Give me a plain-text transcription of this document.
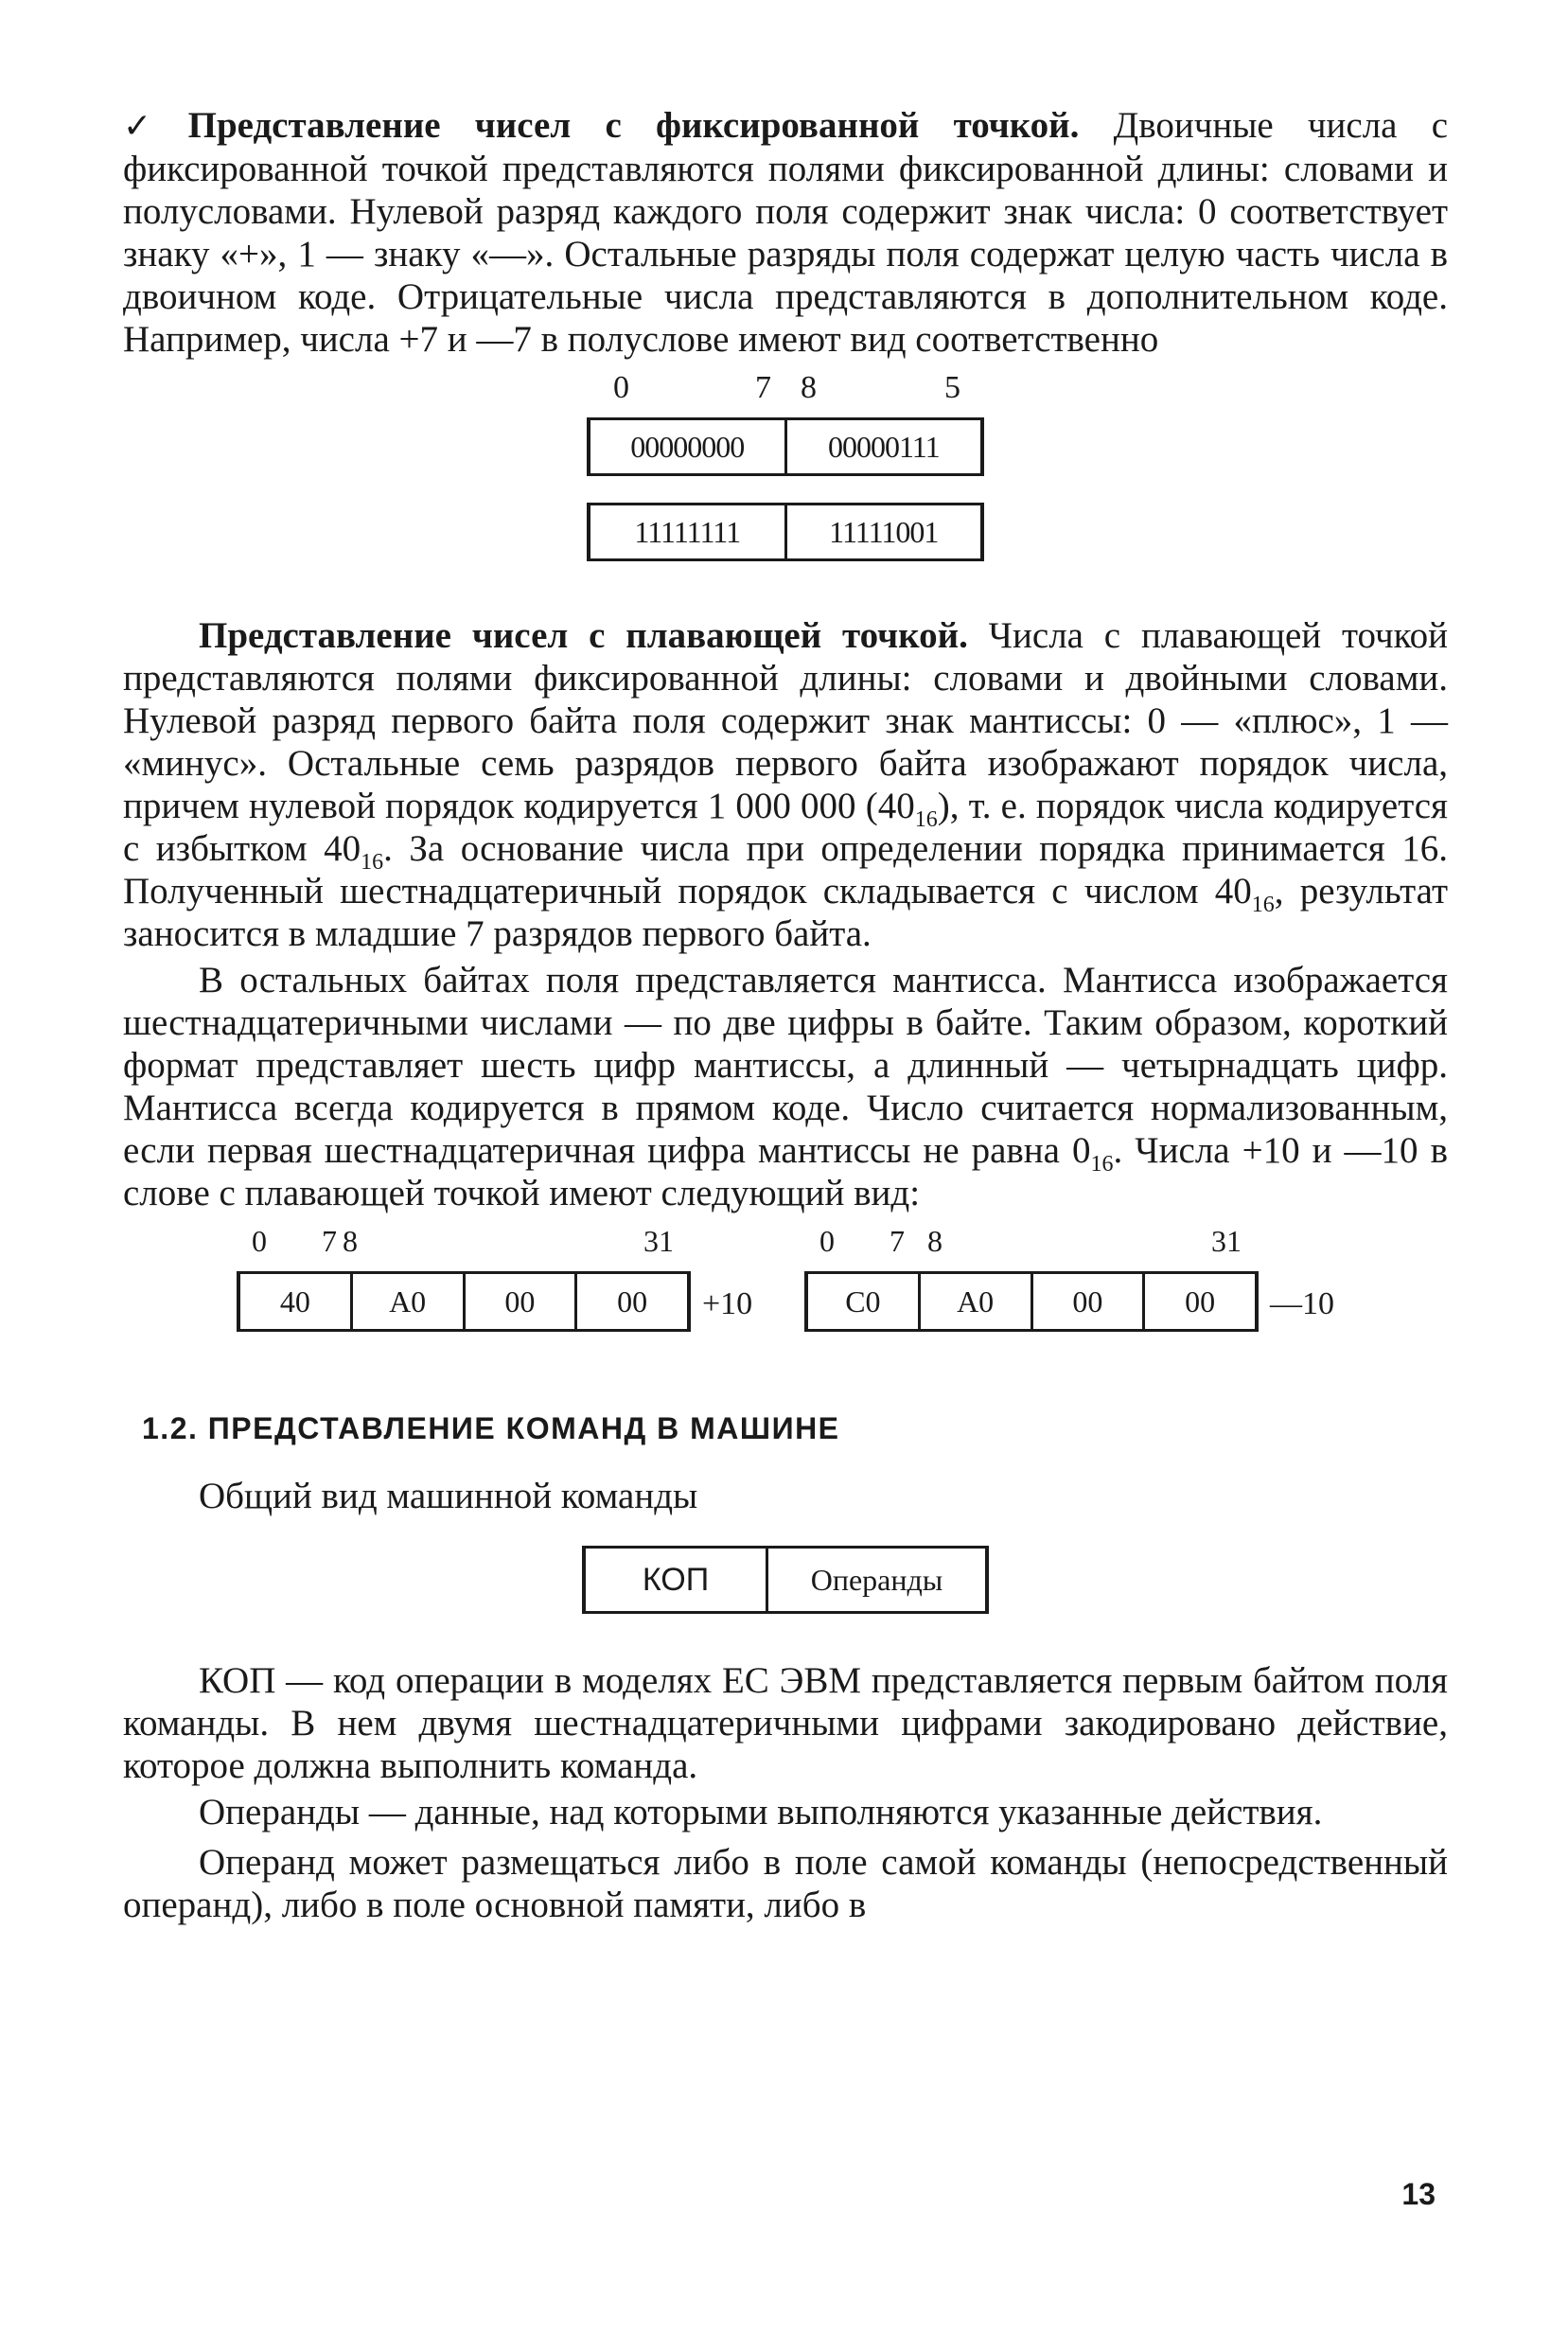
✓ Представление чисел с фиксированной точкой. Двоичные числа с фиксированной точкой представляются полями фиксированной длины: словами и полусловами. Нулевой разряд каждого поля содержит знак числа: 0 соответствует знаку «+», 1 — знаку «—». Остальные разряды поля содержат целую часть числа в двоичном коде. Отрицательные числа представляются в дополнительном коде. Например, числа +7 и —7 в полуслове имеют вид соответственно

0	7 8	5
00000000	00000111
11111111	11111001

Представление чисел с плавающей точкой. Числа с плавающей точкой представляются полями фиксированной длины: словами и двойными словами. Нулевой разряд первого байта поля содержит знак мантиссы: 0 — «плюс», 1 — «минус». Остальные семь разрядов первого байта изображают порядок числа, причем нулевой порядок кодируется 1 000 000 $(40_{16})$, т. е. порядок числа кодируется с избытком $40_{16}$. За основание числа при определении порядка принимается 16. Полученный шестнадцатеричный порядок складывается с числом $40_{16}$, результат заносится в младшие 7 разрядов первого байта.

В остальных байтах поля представляется мантисса. Мантисса изображается шестнадцатеричными числами — по две цифры в байте. Таким образом, короткий формат представляет шесть цифр мантиссы, а длинный — четырнадцать цифр. Мантисса всегда кодируется в прямом коде. Число считается нормализованным, если первая шестнадцатеричная цифра мантиссы не равна $0_{16}$. Числа +10 и —10 в слове с плавающей точкой имеют следующий вид:

0 7 8	31
40	A0	00	00	+10
0 7 8	31
C0	A0	00	00	—10
1.2. ПРЕДСТАВЛЕНИЕ КОМАНД В МАШИНЕ
Общий вид машинной команды
КОП	Операнды

КОП — код операции в моделях ЕС ЭВМ представляется первым байтом поля команды. В нем двумя шестнадцатеричными цифрами закодировано действие, которое должна выполнить команда.

Операнды — данные, над которыми выполняются указанные действия.

Операнд может размещаться либо в поле самой команды (непосредственный операнд), либо в поле основной памяти, либо в

13
